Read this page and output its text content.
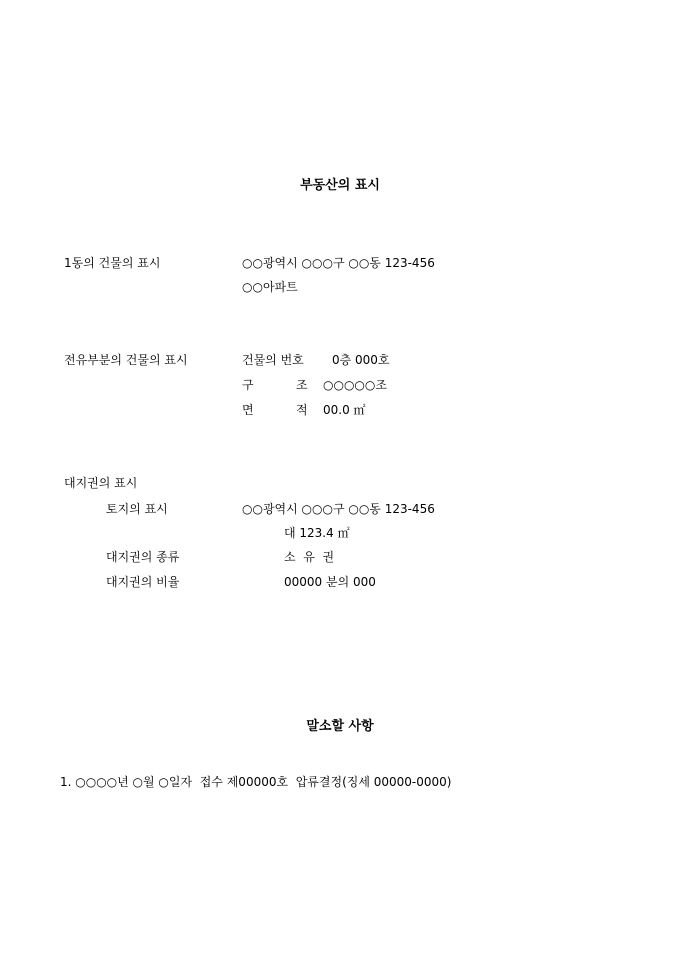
부동산의 표시
1동의 건물의 표시	○○광역시 ○○○구 ○○동 123-456
○○아파트
전유부분의 건물의 표시	건물의 번호 0층 000호
구	조 ○○○○○조
면	적 00.0 ㎡
대지권의 표시
토지의 표시	○○광역시 ○○○구 ○○동 123-456
대 123.4 ㎡
대지권의 종류	소  유  권
대지권의 비율	00000 분의 000
말소할 사항
1. ○○○○년 ○월 ○일자  접수 제00000호  압류결정(징세 00000-0000)
